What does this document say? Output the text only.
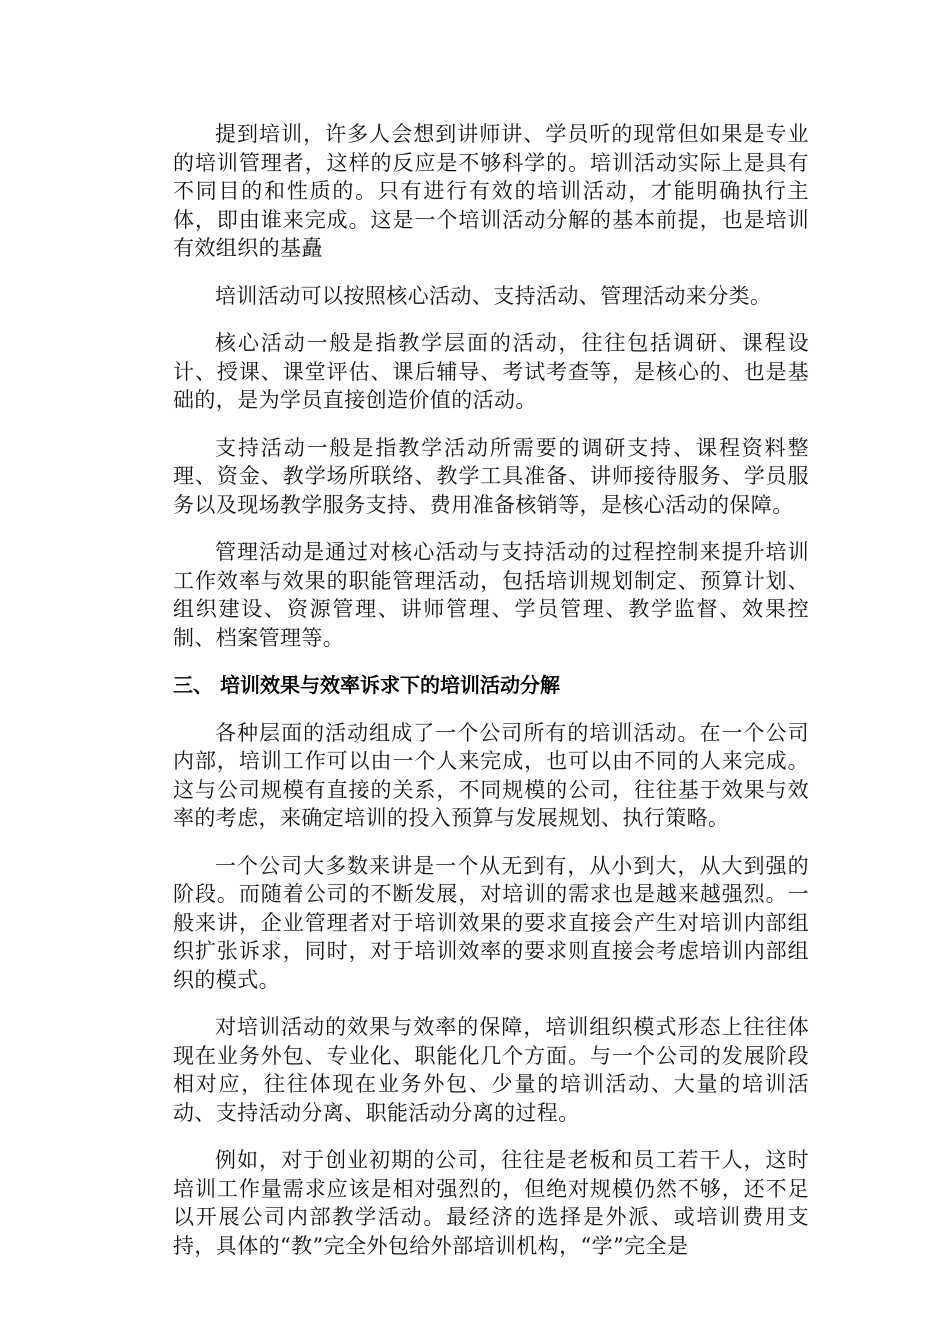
提到培训，许多人会想到讲师讲、学员听的现常但如果是专业的培训管理者，这样的反应是不够科学的。培训活动实际上是具有不同目的和性质的。只有进行有效的培训活动，才能明确执行主体，即由谁来完成。这是一个培训活动分解的基本前提，也是培训有效组织的基矗

培训活动可以按照核心活动、支持活动、管理活动来分类。

核心活动一般是指教学层面的活动，往往包括调研、课程设计、授课、课堂评估、课后辅导、考试考查等，是核心的、也是基础的，是为学员直接创造价值的活动。

支持活动一般是指教学活动所需要的调研支持、课程资料整理、资金、教学场所联络、教学工具准备、讲师接待服务、学员服务以及现场教学服务支持、费用准备核销等，是核心活动的保障。

管理活动是通过对核心活动与支持活动的过程控制来提升培训工作效率与效果的职能管理活动，包括培训规划制定、预算计划、组织建设、资源管理、讲师管理、学员管理、教学监督、效果控制、档案管理等。

三、 培训效果与效率诉求下的培训活动分解

各种层面的活动组成了一个公司所有的培训活动。在一个公司内部，培训工作可以由一个人来完成，也可以由不同的人来完成。这与公司规模有直接的关系，不同规模的公司，往往基于效果与效率的考虑，来确定培训的投入预算与发展规划、执行策略。

一个公司大多数来讲是一个从无到有，从小到大，从大到强的阶段。而随着公司的不断发展，对培训的需求也是越来越强烈。一般来讲，企业管理者对于培训效果的要求直接会产生对培训内部组织扩张诉求，同时，对于培训效率的要求则直接会考虑培训内部组织的模式。

对培训活动的效果与效率的保障，培训组织模式形态上往往体现在业务外包、专业化、职能化几个方面。与一个公司的发展阶段相对应，往往体现在业务外包、少量的培训活动、大量的培训活动、支持活动分离、职能活动分离的过程。

例如，对于创业初期的公司，往往是老板和员工若干人，这时培训工作量需求应该是相对强烈的，但绝对规模仍然不够，还不足以开展公司内部教学活动。最经济的选择是外派、或培训费用支持，具体的“教”完全外包给外部培训机构，“学”完全是
